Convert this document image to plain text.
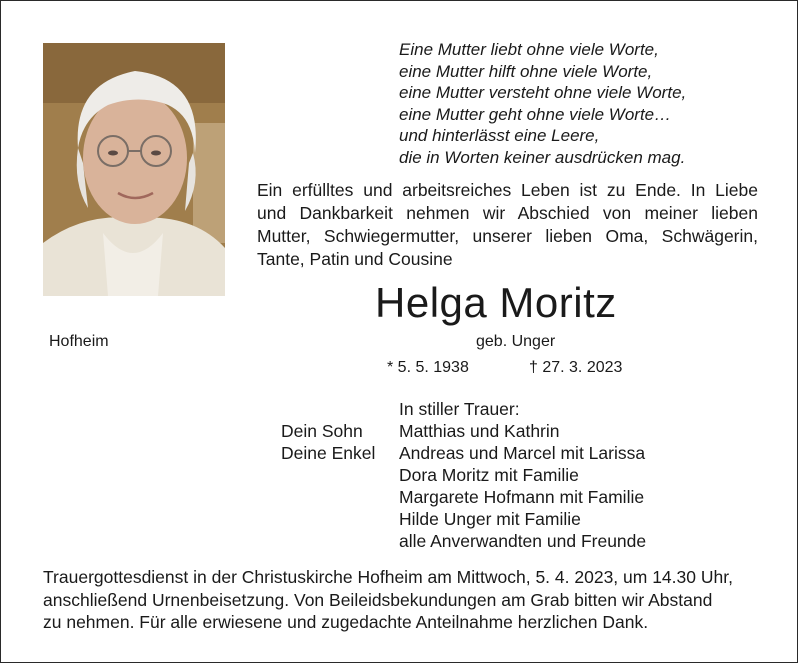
Eine Mutter liebt ohne viele Worte,
eine Mutter hilft ohne viele Worte,
eine Mutter versteht ohne viele Worte,
eine Mutter geht ohne viele Worte…
und hinterlässt eine Leere,
die in Worten keiner ausdrücken mag.
Ein erfülltes und arbeitsreiches Leben ist zu Ende. In Liebe
und Dankbarkeit nehmen wir Abschied von meiner lieben
Mutter, Schwiegermutter, unserer lieben Oma, Schwägerin,
Tante, Patin und Cousine
Helga Moritz
Hofheim	geb. Unger
* 5. 5. 1938	† 27. 3. 2023
In stiller Trauer:
Dein Sohn	Matthias und Kathrin
Deine Enkel	Andreas und Marcel mit Larissa
Dora Moritz mit Familie
Margarete Hofmann mit Familie
Hilde Unger mit Familie
alle Anverwandten und Freunde
Trauergottesdienst in der Christuskirche Hofheim am Mittwoch, 5. 4. 2023, um 14.30 Uhr,
anschließend Urnenbeisetzung. Von Beileidsbekundungen am Grab bitten wir Abstand
zu nehmen. Für alle erwiesene und zugedachte Anteilnahme herzlichen Dank.
